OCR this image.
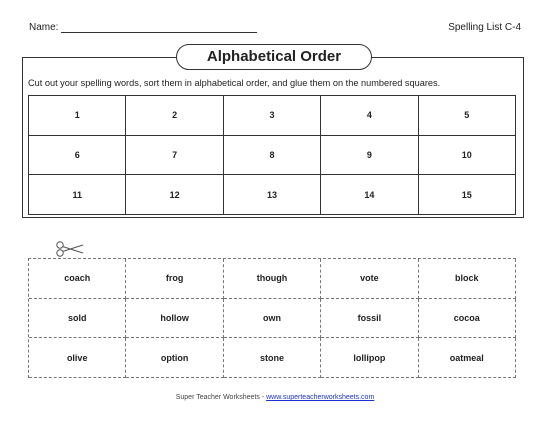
Name:	Spelling List C-4
Alphabetical Order
Cut out your spelling words, sort them in alphabetical order, and glue them on the numbered squares.
1	2	3	4	5
6	7	8	9	10
11	12	13	14	15
coach	frog	though	vote	block
sold	hollow	own	fossil	cocoa
olive	option	stone	lollipop	oatmeal
Super Teacher Worksheets - www.superteacherworksheets.com
